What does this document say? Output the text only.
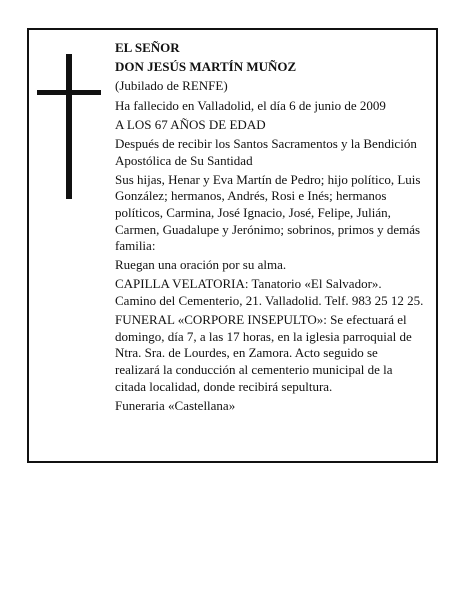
EL SEÑOR

DON JESÚS MARTÍN MUÑOZ

(Jubilado de RENFE)

Ha fallecido en Valladolid, el día 6 de junio de 2009

A LOS 67 AÑOS DE EDAD

Después de recibir los Santos Sacramentos y la Bendición Apostólica de Su Santidad

Sus hijas, Henar y Eva Martín de Pedro; hijo político, Luis González; hermanos, Andrés, Rosi e Inés; hermanos políticos, Carmina, José Ignacio, José, Felipe, Julián, Carmen, Guadalupe y Jerónimo; sobrinos, primos y demás familia:

Ruegan una oración por su alma.

CAPILLA VELATORIA: Tanatorio «El Salvador». Camino del Cementerio, 21. Valladolid. Telf. 983 25 12 25.

FUNERAL «CORPORE INSEPULTO»: Se efectuará el domingo, día 7, a las 17 horas, en la iglesia parroquial de Ntra. Sra. de Lourdes, en Zamora. Acto seguido se realizará la conducción al cementerio municipal de la citada localidad, donde recibirá sepultura.

Funeraria «Castellana»
